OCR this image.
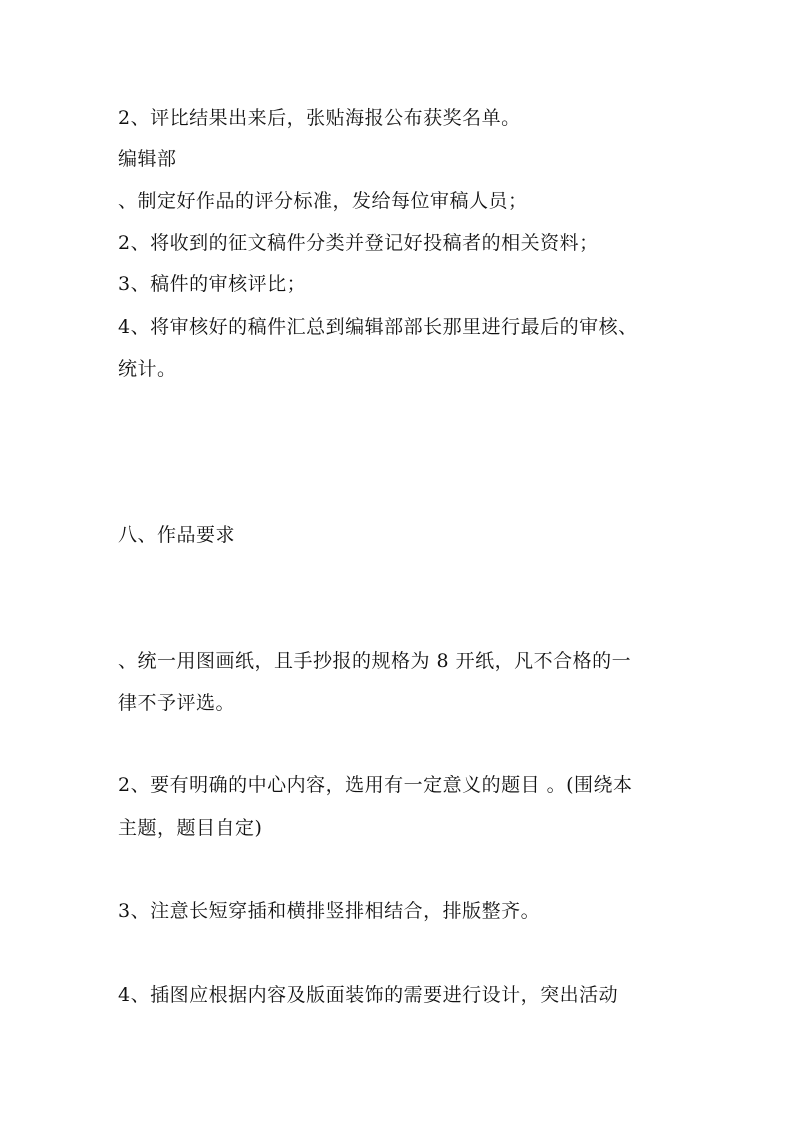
2、评比结果出来后，张贴海报公布获奖名单。
编辑部
、制定好作品的评分标准，发给每位审稿人员；
2、将收到的征文稿件分类并登记好投稿者的相关资料；
3、稿件的审核评比；
4、将审核好的稿件汇总到编辑部部长那里进行最后的审核、
统计。
八、作品要求
、统一用图画纸，且手抄报的规格为 8 开纸，凡不合格的一
律不予评选。
2、要有明确的中心内容，选用有一定意义的题目 。(围绕本
主题，题目自定)
3、注意长短穿插和横排竖排相结合，排版整齐。
4、插图应根据内容及版面装饰的需要进行设计，突出活动
